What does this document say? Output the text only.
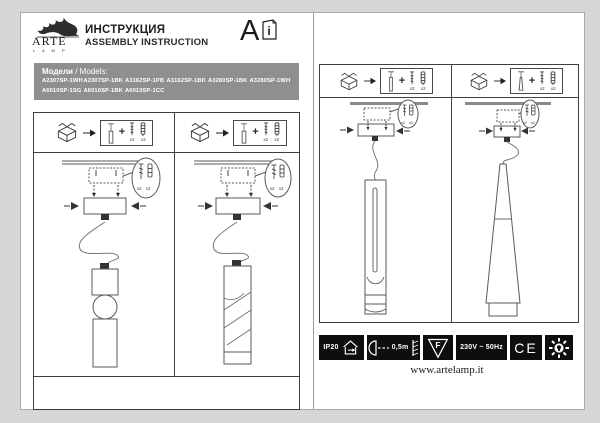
ARTE
L A M P
ИНСТРУКЦИЯ
ASSEMBLY INSTRUCTION A i
Модели / Models:
A2307SP-1WH A2307SP-1BK A3162SP-1PB A3162SP-1BK A3280SP-1BK A3280SP-1WH
A6010SP-1SG A6010SP-1BK A6010SP-1CC
+
x2 x2
+
x2 x2
x2 x2	x2 x2
+
x2 x2
+
x2 x2
x2 x2	x2 x2
IP20	0,5m	F	230V ~ 50Hz CE
www.artelamp.it
